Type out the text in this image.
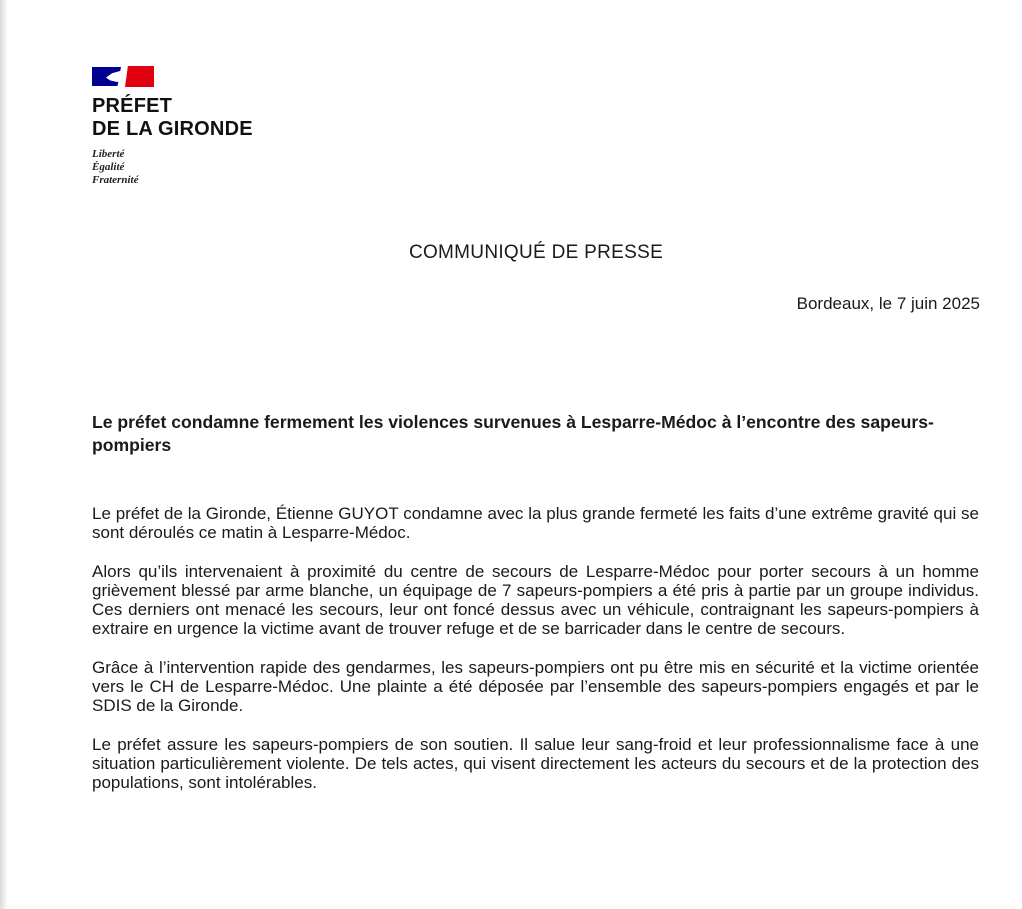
PRÉFET
DE LA GIRONDE
Liberté
Égalité
Fraternité
COMMUNIQUÉ DE PRESSE
Bordeaux, le 7 juin 2025
Le préfet condamne fermement les violences survenues à Lesparre-Médoc à l’encontre des sapeurs-pompiers

Le préfet de la Gironde, Étienne GUYOT condamne avec la plus grande fermeté les faits d’une extrême gravité qui se sont déroulés ce matin à Lesparre-Médoc.

Alors qu’ils intervenaient à proximité du centre de secours de Lesparre-Médoc pour porter secours à un homme grièvement blessé par arme blanche, un équipage de 7 sapeurs-pompiers a été pris à partie par un groupe individus. Ces derniers ont menacé les secours, leur ont foncé dessus avec un véhicule, contraignant les sapeurs-pompiers à extraire en urgence la victime avant de trouver refuge et de se barricader dans le centre de secours.

Grâce à l’intervention rapide des gendarmes, les sapeurs-pompiers ont pu être mis en sécurité et la victime orientée vers le CH de Lesparre-Médoc. Une plainte a été déposée par l’ensemble des sapeurs-pompiers engagés et par le SDIS de la Gironde.

Le préfet assure les sapeurs-pompiers de son soutien. Il salue leur sang-froid et leur professionnalisme face à une situation particulièrement violente. De tels actes, qui visent directement les acteurs du secours et de la protection des populations, sont intolérables.
